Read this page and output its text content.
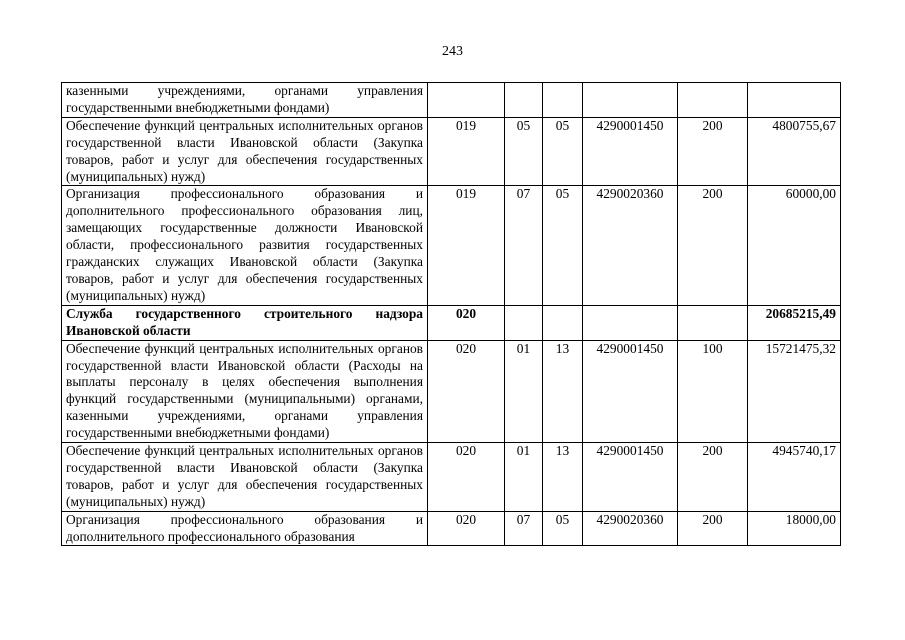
243
казенными учреждениями, органами управления государственными внебюджетными фондами)						
Обеспечение функций центральных исполнительных органов государственной власти Ивановской области (Закупка товаров, работ и услуг для обеспечения государственных (муниципальных) нужд)	019	05	05	4290001450	200	4800755,67
Организация профессионального образования и дополнительного профессионального образования лиц, замещающих государственные должности Ивановской области, профессионального развития государственных гражданских служащих Ивановской области (Закупка товаров, работ и услуг для обеспечения государственных (муниципальных) нужд)	019	07	05	4290020360	200	60000,00
Служба государственного строительного надзора Ивановской области	020					20685215,49
Обеспечение функций центральных исполнительных органов государственной власти Ивановской области (Расходы на выплаты персоналу в целях обеспечения выполнения функций государственными (муниципальными) органами, казенными учреждениями, органами управления государственными внебюджетными фондами)	020	01	13	4290001450	100	15721475,32
Обеспечение функций центральных исполнительных органов государственной власти Ивановской области (Закупка товаров, работ и услуг для обеспечения государственных (муниципальных) нужд)	020	01	13	4290001450	200	4945740,17
Организация профессионального образования и дополнительного профессионального образования	020	07	05	4290020360	200	18000,00
